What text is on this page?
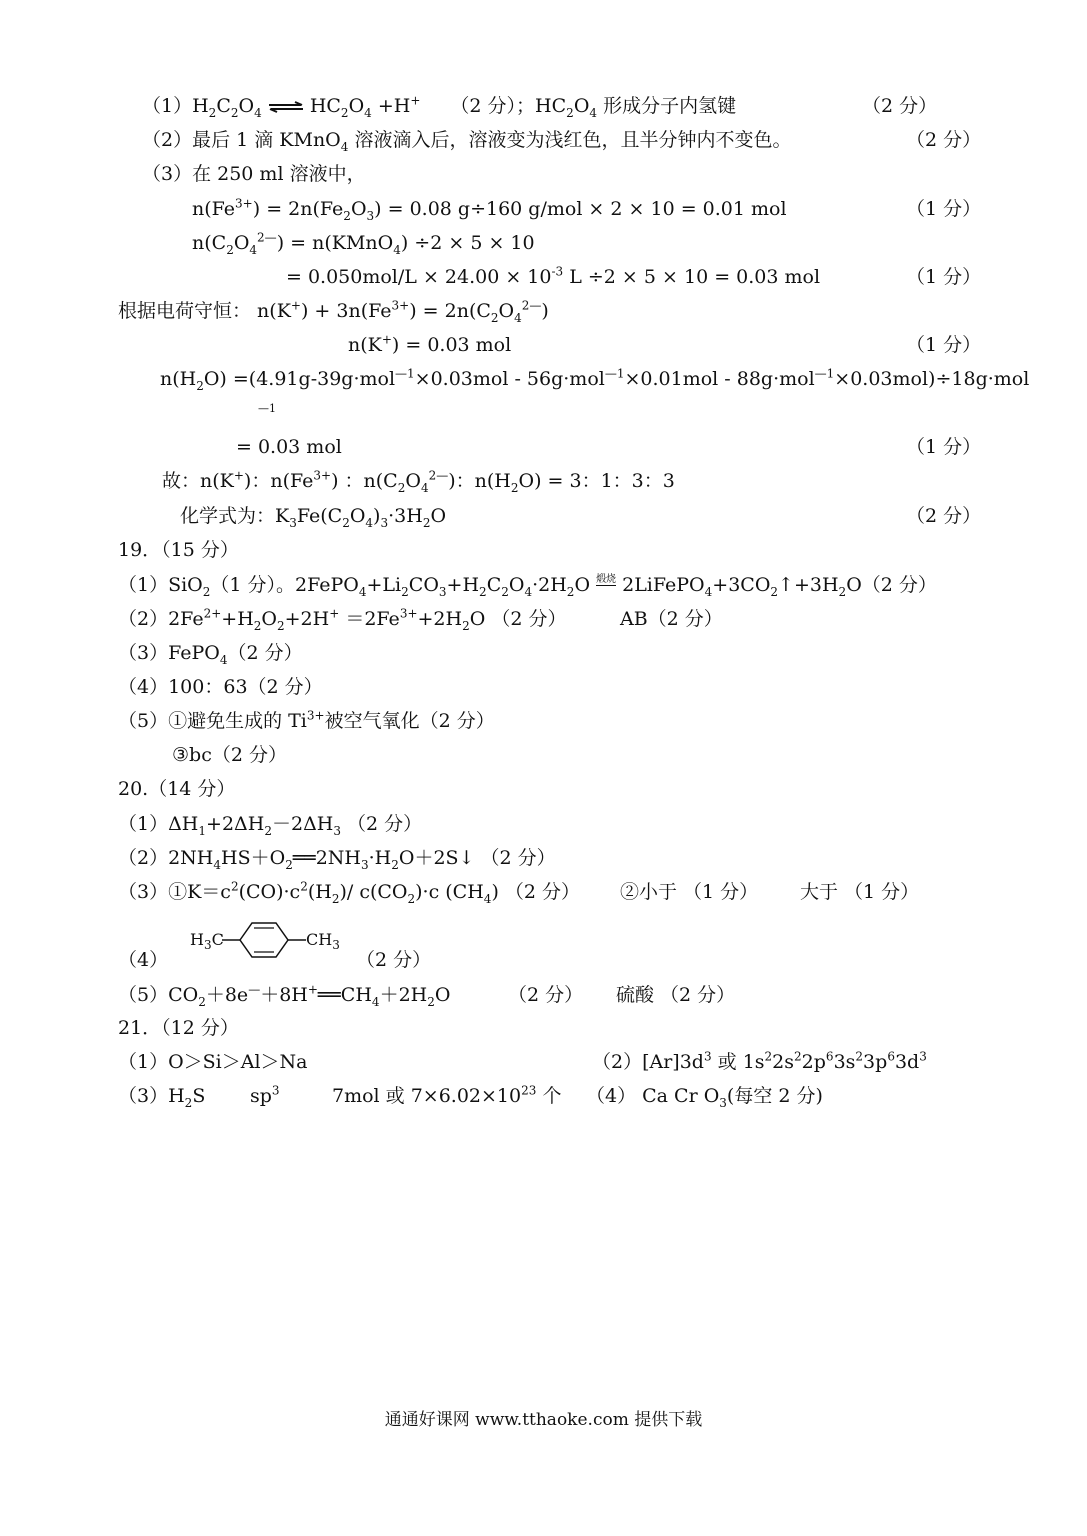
$(1)H_2C_2O_4$ ⇌ $HC_2O_4 +H^+$ （2 分）；$HC_2O_4$ 形成分子内氢键	（2 分）
（2）最后 1 滴 KMnO$_4$ 溶液滴入后，溶液变为浅红色，且半分钟内不变色。	（2 分）
（3）在 250 ml 溶液中，
$n(Fe^{3+}) = 2n(Fe_2O_3) = 0.08$ g÷160 g/mol × 2 × 10 = 0.01 mol	（1 分）
$n(C_2O_4^{2—})$ = n(KMnO$_4$) ÷2 × 5 × 10
= $0.050mol/L \times 24.00 \times 10^{-3}$ L ÷2 × 5 × 10 = 0.03 mol	（1 分）
根据电荷守恒： $n(K^+) + 3n(Fe^{3+}) = 2n(C_2O_4^{2—})$
n(K+) = 0.03 mol	（1 分）
$n(H_2O) =(4.91g-39g\cdot mol^{—1}\times 0.03mol - 56g\cdot mol^{—1}\times 0.01mol - 88g\cdot mol^{—1}\times 0.03mol)\div 18g\cdot mol$
—1
= 0.03 mol	（1 分）
故：n(K+)：$n(Fe^{3+})$ ：$n(C_2O_4^{2—})$：$n(H_2O) = 3$：1：3：3
化学式为：$K_3Fe(C_2O_4)_3\cdot 3H_2O$	（2 分）
19．（15 分）
（1）SiO$_2$（1 分）。$2FePO_4+Li_2CO_3+H_2C_2O_4\cdot 2H_2O$ 煅烧 $2LiFePO_4+3CO_2↑+3H_2O(2$ 分）
$(2)2Fe^{2+}+H_2O_2+2H^+ =2Fe^{3+}+2H_2O$ （2 分）	AB（2 分）
（3）FePO$_4$（2 分）
（4）100：63（2 分）
（5）①避免生成的 $Ti^{3+}$被空气氧化（2 分）
③bc（2 分）
20.（14 分）
$(1)\Delta H_1+2\Delta H_2-2\Delta H_3$ （2 分）
$(2)2NH_4HS+O_2══2NH_3\cdot H_2O+2S↓$ （2 分）
$(3)①K=c^2(CO)\cdot c^2(H_2)/$ $c(CO_2)\cdot c$ $(CH_4)$ （2 分） ②小于 （1 分） 大于 （1 分）
（4）
$H_3C$	$CH_3$
（2 分）
$(5)CO_2+8e^—+8H^+══CH_4+2H_2O$	（2 分） 硫酸 （2 分）
21．（12 分）
（1）O＞Si＞Al＞Na	$(2)[Ar]3d^3$ 或 $1s^22s^22p^63s^23p^63d^3$
$(3)H_2S$ $sp^3$	7mol 或 $7\times 6.02\times 10^{23}$ 个 （4） Ca Cr $O_3$(每空 2 分)
通通好课网 www.tthaoke.com 提供下载
